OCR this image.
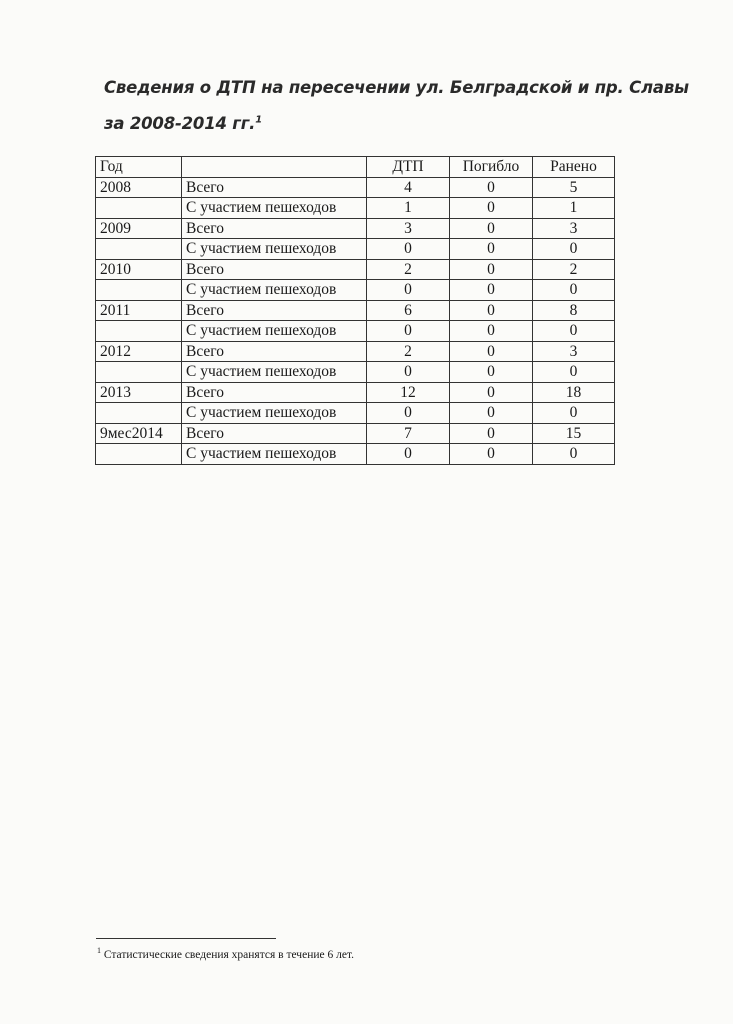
Сведения о ДТП на пересечении ул. Белградской и пр. Славы
за 2008-2014 гг.$^1$
Год		ДТП	Погибло	Ранено
2008	Всего	4	0	5
	С участием пешеходов	1	0	1
2009	Всего	3	0	3
	С участием пешеходов	0	0	0
2010	Всего	2	0	2
	С участием пешеходов	0	0	0
2011	Всего	6	0	8
	С участием пешеходов	0	0	0
2012	Всего	2	0	3
	С участием пешеходов	0	0	0
2013	Всего	12	0	18
	С участием пешеходов	0	0	0
9мес2014	Всего	7	0	15
	С участием пешеходов	0	0	0
$^1$ Статистические сведения хранятся в течение 6 лет.
